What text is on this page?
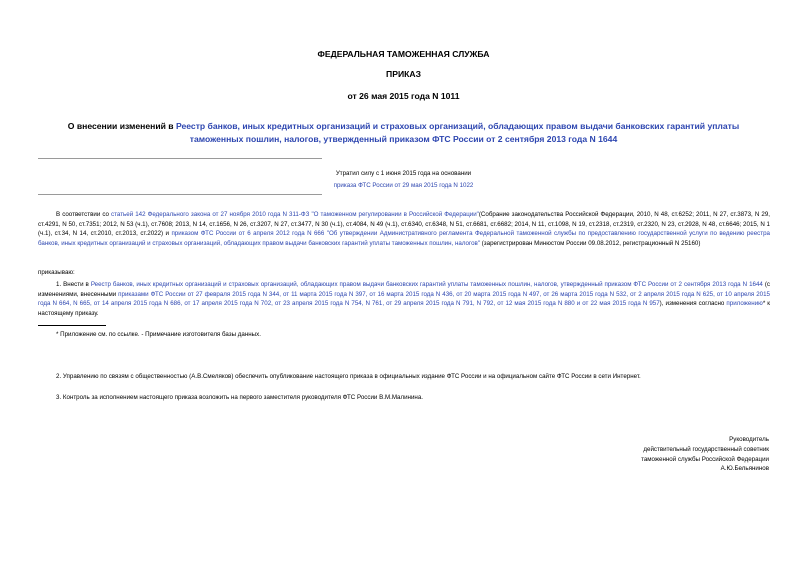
ФЕДЕРАЛЬНАЯ ТАМОЖЕННАЯ СЛУЖБА
ПРИКАЗ
от 26 мая 2015 года N 1011
О внесении изменений в Реестр банков, иных кредитных организаций и страховых организаций, обладающих правом выдачи банковских гарантий уплаты таможенных пошлин, налогов, утвержденный приказом ФТС России от 2 сентября 2013 года N 1644
Утратил силу с 1 июня 2015 года на основании
приказа ФТС России от 29 мая 2015 года N 1022
В соответствии со статьей 142 Федерального закона от 27 ноября 2010 года N 311-ФЗ "О таможенном регулировании в Российской Федерации"(Собрание законодательства Российской Федерации, 2010, N 48, ст.6252; 2011, N 27, ст.3873, N 29, ст.4291, N 50, ст.7351; 2012, N 53 (ч.1), ст.7608; 2013, N 14, ст.1656, N 26, ст.3207, N 27, ст.3477, N 30 (ч.1), ст.4084, N 49 (ч.1), ст.6340, ст.6348, N 51, ст.6681, ст.6682; 2014, N 11, ст.1098, N 19, ст.2318, ст.2319, ст.2320, N 23, ст.2928, N 48, ст.6646; 2015, N 1 (ч.1), ст.34, N 14, ст.2010, ст.2013, ст.2022) и приказом ФТС России от 6 апреля 2012 года N 666 "Об утверждении Административного регламента Федеральной таможенной службы по предоставлению государственной услуги по ведению реестра банков, иных кредитных организаций и страховых организаций, обладающих правом выдачи банковских гарантий уплаты таможенных пошлин, налогов" (зарегистрирован Минюстом России 09.08.2012, регистрационный N 25160)
приказываю:
1. Внести в Реестр банков, иных кредитных организаций и страховых организаций, обладающих правом выдачи банковских гарантий уплаты таможенных пошлин, налогов, утвержденный приказом ФТС России от 2 сентября 2013 года N 1644 (с изменениями, внесенными приказами ФТС России от 27 февраля 2015 года N 344, от 11 марта 2015 года N 397, от 16 марта 2015 года N 436, от 20 марта 2015 года N 497, от 26 марта 2015 года N 532, от 2 апреля 2015 года N 625, от 10 апреля 2015 года N 664, N 665, от 14 апреля 2015 года N 686, от 17 апреля 2015 года N 702, от 23 апреля 2015 года N 754, N 761, от 29 апреля 2015 года N 791, N 792, от 12 мая 2015 года N 880 и от 22 мая 2015 года N 957), изменения согласно приложению* к настоящему приказу.
* Приложение см. по ссылке. - Примечание изготовителя базы данных.
2. Управлению по связям с общественностью (А.В.Смеляков) обеспечить опубликование настоящего приказа в официальных издание ФТС России и на официальном сайте ФТС России в сети Интернет.
3. Контроль за исполнением настоящего приказа возложить на первого заместителя руководителя ФТС России В.М.Малинина.
Руководитель
действительный государственный советник
таможенной службы Российской Федерации
А.Ю.Бельянинов
